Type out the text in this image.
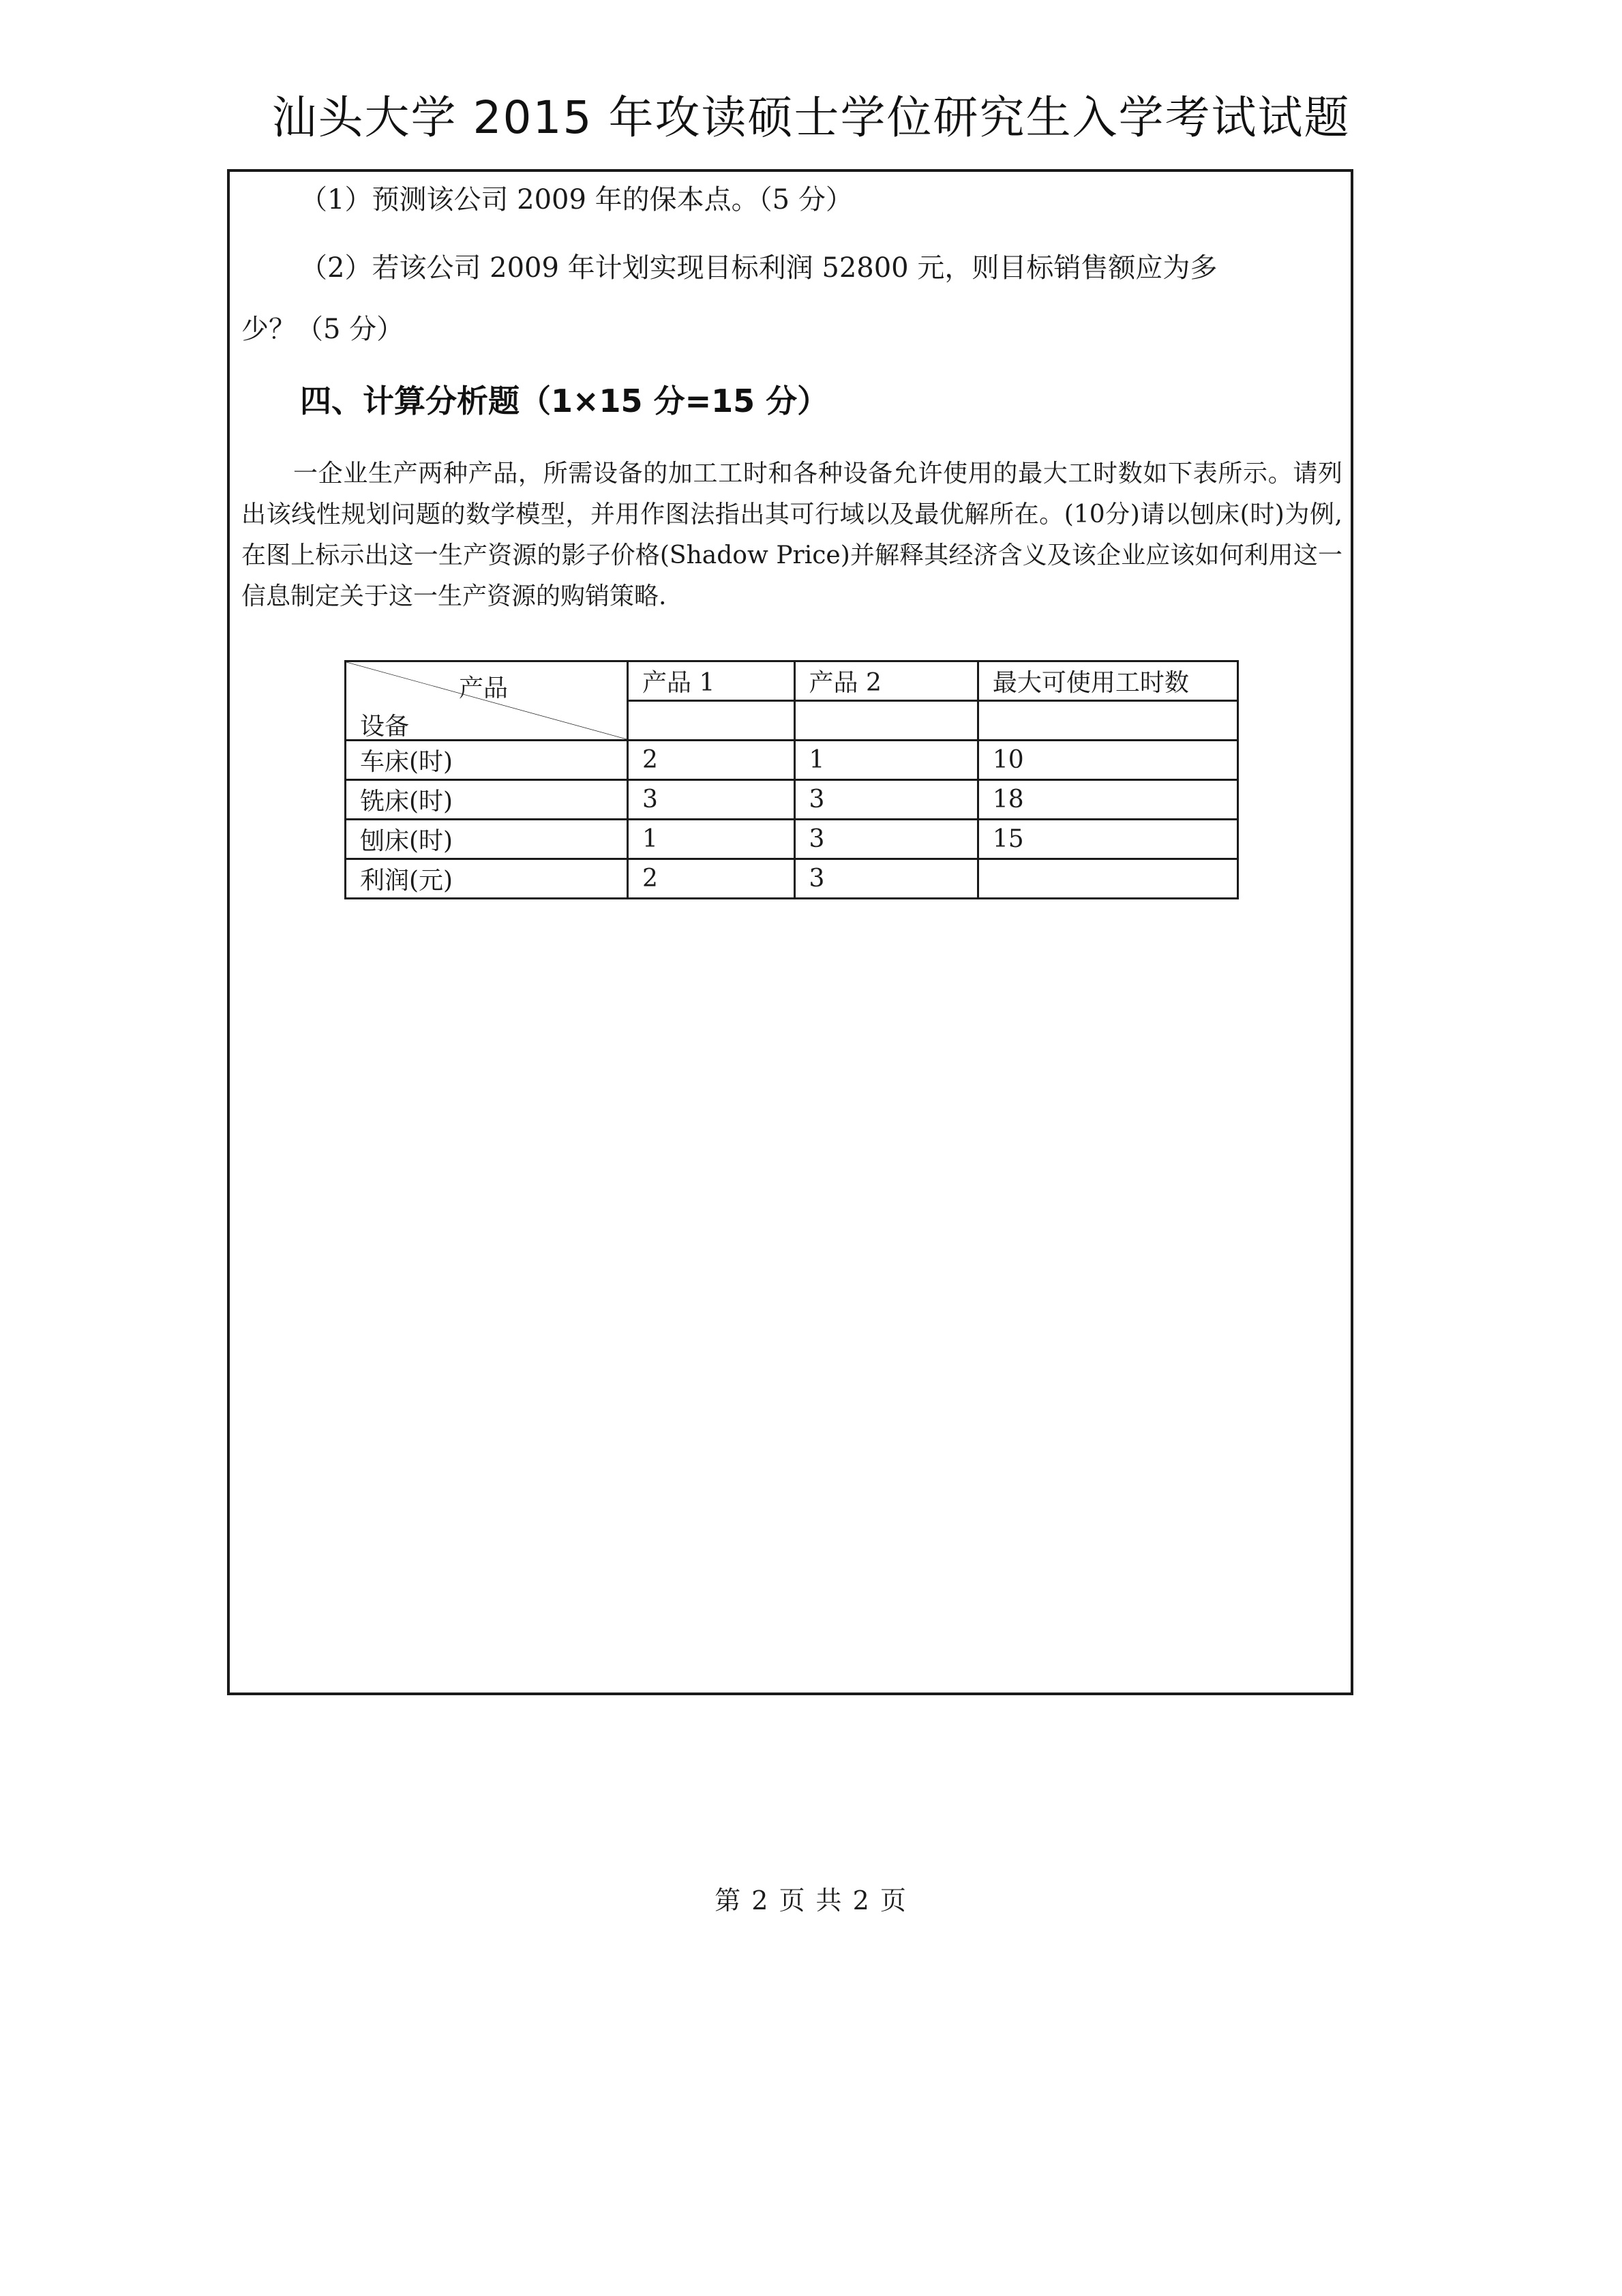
汕头大学 2015 年攻读硕士学位研究生入学考试试题
（1）预测该公司 2009 年的保本点。（5 分）
（2）若该公司 2009 年计划实现目标利润 52800 元，则目标销售额应为多
少？（5 分）
四、计算分析题（1×15 分=15 分）
一企业生产两种产品，所需设备的加工工时和各种设备允许使用的最大工时数如下表所示。请列出该线性规划问题的数学模型，并用作图法指出其可行域以及最优解所在。(10分)请以刨床(时)为例,在图上标示出这一生产资源的影子价格(Shadow Price)并解释其经济含义及该企业应该如何利用这一信息制定关于这一生产资源的购销策略.
产品
设备	产品 1	产品 2	最大可使用工时数

车床(时)	2	1	10
铣床(时)	3	3	18
刨床(时)	1	3	15
利润(元)	2	3	
第 2 页 共 2 页
